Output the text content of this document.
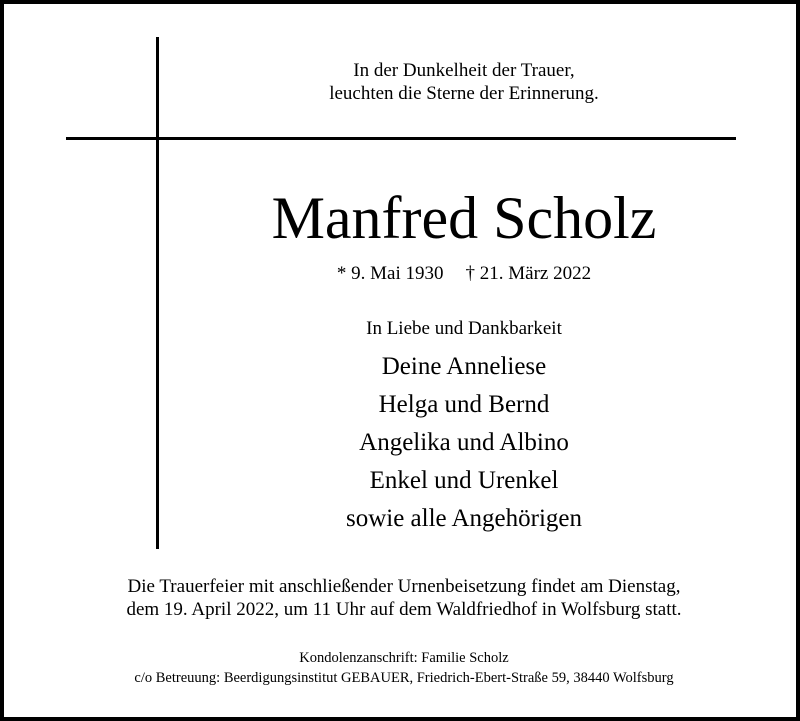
In der Dunkelheit der Trauer,
leuchten die Sterne der Erinnerung.
Manfred Scholz
* 9. Mai 1930 † 21. März 2022
In Liebe und Dankbarkeit
Deine Anneliese
Helga und Bernd
Angelika und Albino
Enkel und Urenkel
sowie alle Angehörigen
Die Trauerfeier mit anschließender Urnenbeisetzung findet am Dienstag,
dem 19. April 2022, um 11 Uhr auf dem Waldfriedhof in Wolfsburg statt.
Kondolenzanschrift: Familie Scholz
c/o Betreuung: Beerdigungsinstitut GEBAUER, Friedrich-Ebert-Straße 59, 38440 Wolfsburg
